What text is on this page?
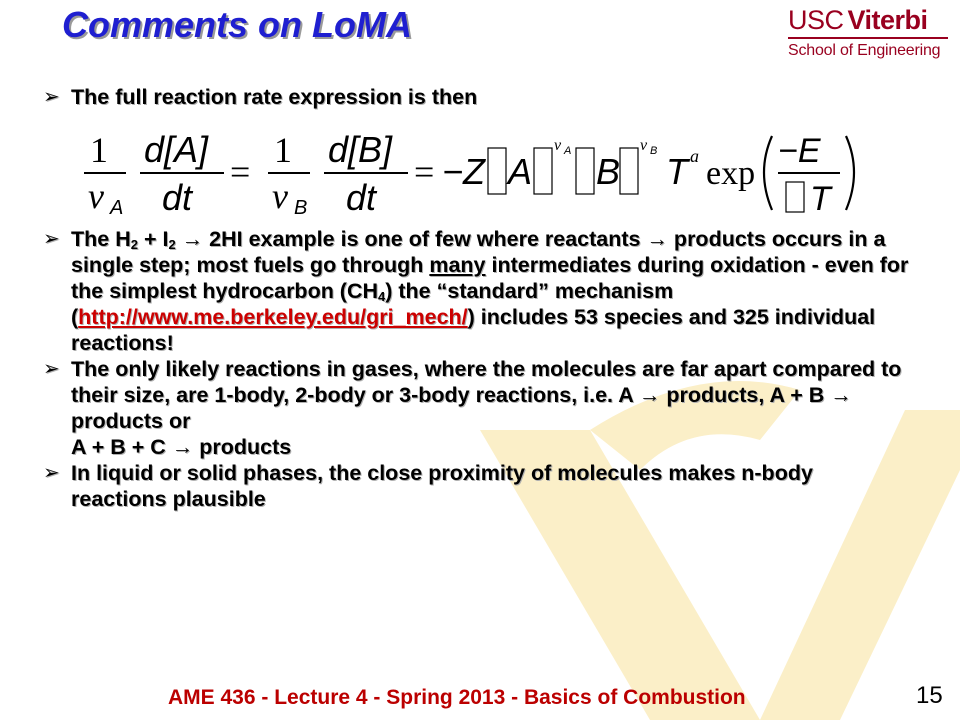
Comments on LoMA	USC Viterbi
School of Engineering
➢ The full reaction rate expression is then
➢ The $H_2 + I_2 \to 2HI$ example is one of few where reactants → products occurs in a single step; most fuels go through many intermediates during oxidation - even for the simplest hydrocarbon $(CH_4)$ the “standard” mechanism (http://www.me.berkeley.edu/gri_mech/) includes 53 species and 325 individual reactions!
➢ The only likely reactions in gases, where the molecules are far apart compared to their size, are 1-body, 2-body or 3-body reactions, i.e. A → products, A + B → products or
A + B + C → products
➢ In liquid or solid phases, the close proximity of molecules makes n-body reactions plausible
1
ν A
d[A]
dt
=
1
ν B
d[B]
dt
= −Z A
ν A B
ν B T a exp
−E
T
AME 436 - Lecture 4 - Spring 2013 - Basics of Combustion	15
